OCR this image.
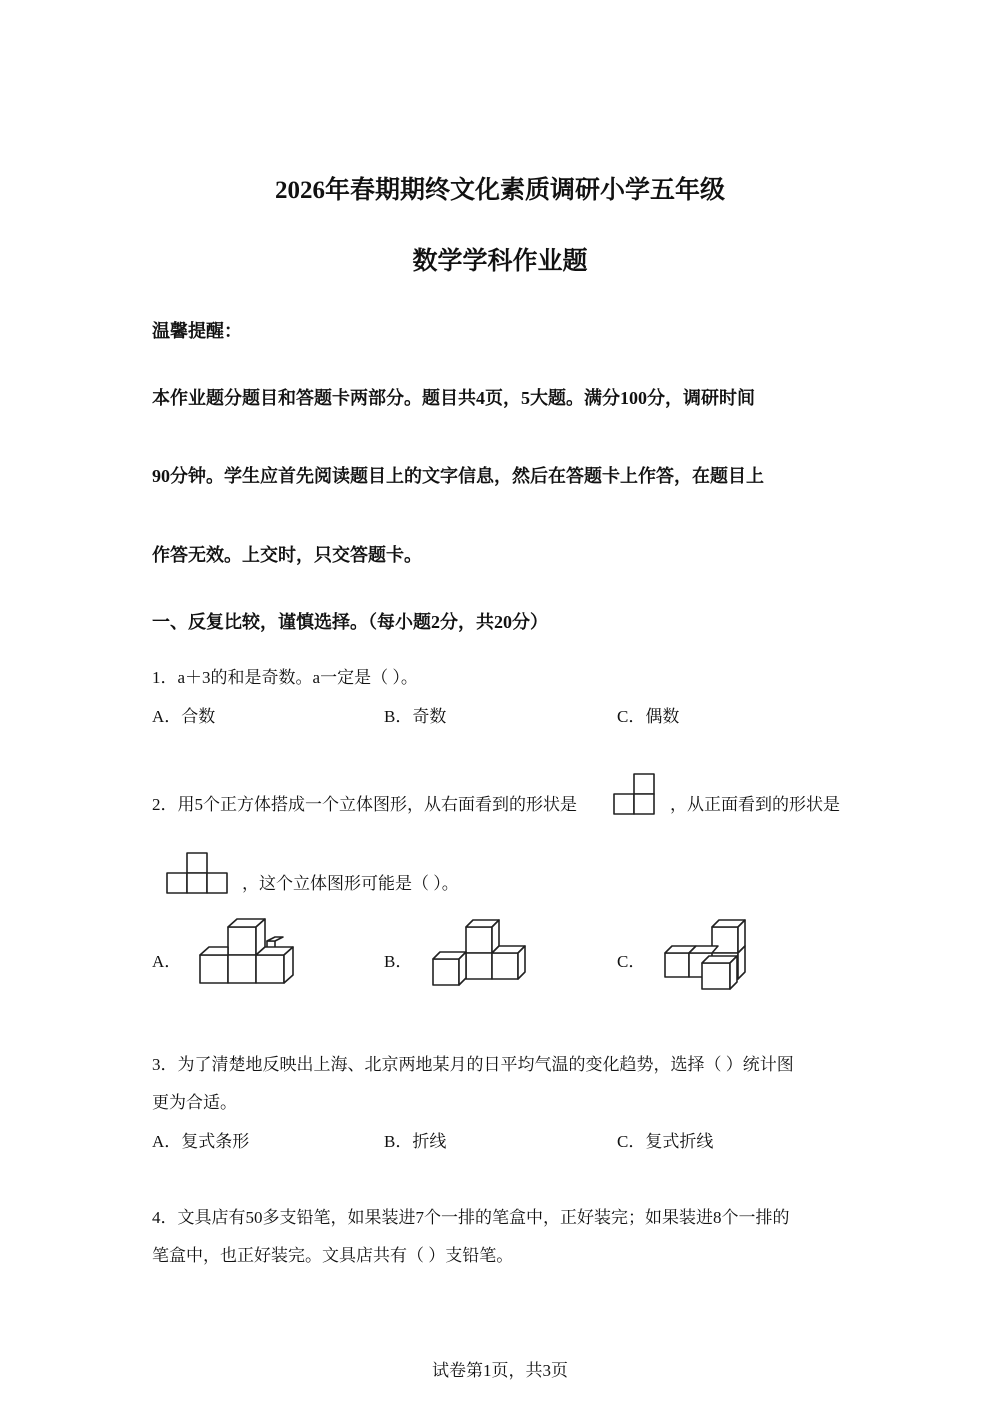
2026年春期期终文化素质调研小学五年级
数学学科作业题
温馨提醒：
本作业题分题目和答题卡两部分。题目共4页，5大题。满分100分，调研时间
90分钟。学生应首先阅读题目上的文字信息，然后在答题卡上作答，在题目上
作答无效。上交时，只交答题卡。
一、反复比较，谨慎选择。（每小题2分，共20分）
1．a＋3的和是奇数。a一定是（ ）。
A．合数	B．奇数	C．偶数
2．用5个正方体搭成一个立体图形，从右面看到的形状是	，从正面看到的形状是
，这个立体图形可能是（ ）。
A．	B．	C．
3．为了清楚地反映出上海、北京两地某月的日平均气温的变化趋势，选择（ ）统计图
更为合适。
A．复式条形	B．折线	C．复式折线
4．文具店有50多支铅笔，如果装进7个一排的笔盒中，正好装完；如果装进8个一排的
笔盒中，也正好装完。文具店共有（ ）支铅笔。
试卷第1页，共3页
